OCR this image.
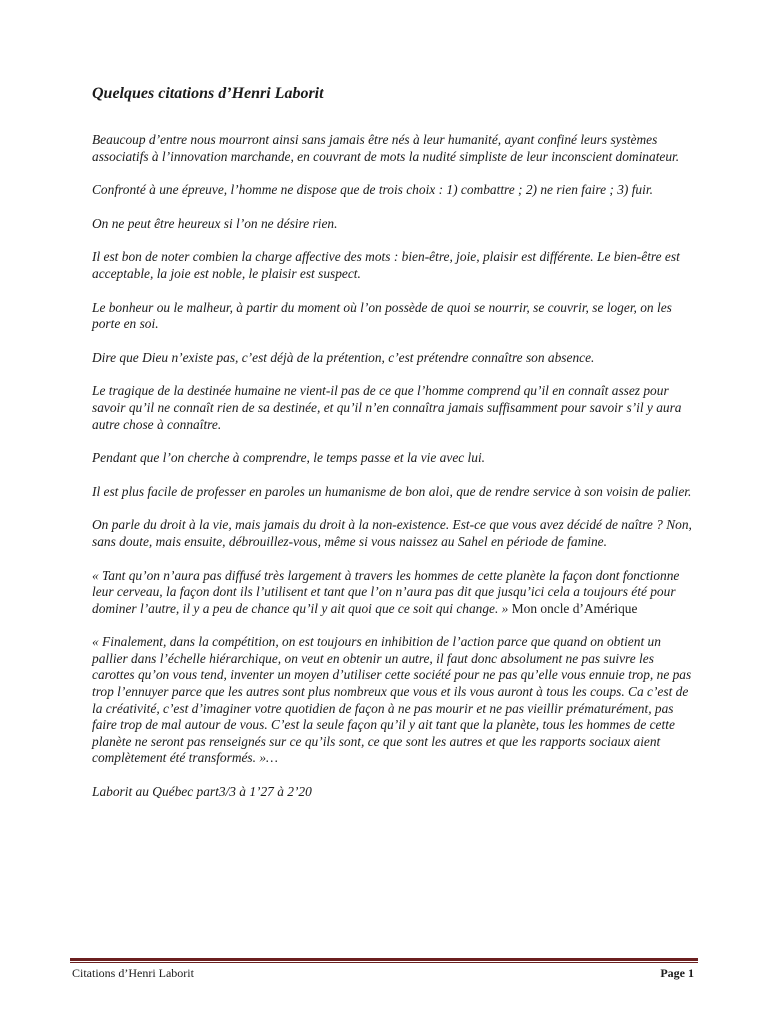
Quelques citations d’Henri Laborit

Beaucoup d’entre nous mourront ainsi sans jamais être nés à leur humanité, ayant confiné leurs systèmes associatifs à l’innovation marchande, en couvrant de mots la nudité simpliste de leur inconscient dominateur.

Confronté à une épreuve, l’homme ne dispose que de trois choix : 1) combattre ; 2) ne rien faire ; 3) fuir.

On ne peut être heureux si l’on ne désire rien.

Il est bon de noter combien la charge affective des mots : bien-être, joie, plaisir est différente. Le bien-être est acceptable, la joie est noble, le plaisir est suspect.

Le bonheur ou le malheur, à partir du moment où l’on possède de quoi se nourrir, se couvrir, se loger, on les porte en soi.

Dire que Dieu n’existe pas, c’est déjà de la prétention, c’est prétendre connaître son absence.

Le tragique de la destinée humaine ne vient-il pas de ce que l’homme comprend qu’il en connaît assez pour savoir qu’il ne connaît rien de sa destinée, et qu’il n’en connaîtra jamais suffisamment pour savoir s’il y aura autre chose à connaître.

Pendant que l’on cherche à comprendre, le temps passe et la vie avec lui.

Il est plus facile de professer en paroles un humanisme de bon aloi, que de rendre service à son voisin de palier.

On parle du droit à la vie, mais jamais du droit à la non-existence. Est-ce que vous avez décidé de naître ? Non, sans doute, mais ensuite, débrouillez-vous, même si vous naissez au Sahel en période de famine.

« Tant qu’on n’aura pas diffusé très largement à travers les hommes de cette planète la façon dont fonctionne leur cerveau, la façon dont ils l’utilisent et tant que l’on n’aura pas dit que jusqu’ici cela a toujours été pour dominer l’autre, il y a peu de chance qu’il y ait quoi que ce soit qui change. » Mon oncle d’Amérique

« Finalement, dans la compétition, on est toujours en inhibition de l’action parce que quand on obtient un pallier dans l’échelle hiérarchique, on veut en obtenir un autre, il faut donc absolument ne pas suivre les carottes qu’on vous tend, inventer un moyen d’utiliser cette société pour ne pas qu’elle vous ennuie trop, ne pas trop l’ennuyer parce que les autres sont plus nombreux que vous et ils vous auront à tous les coups. Ca c’est de la créativité, c’est d’imaginer votre quotidien de façon à ne pas mourir et ne pas vieillir prématurément, pas faire trop de mal autour de vous. C’est la seule façon qu’il y ait tant que la planète, tous les hommes de cette planète ne seront pas renseignés sur ce qu’ils sont, ce que sont les autres et que les rapports sociaux aient complètement été transformés. »…

Laborit au Québec part3/3 à 1’27 à 2’20

Citations d’Henri Laborit	Page 1
